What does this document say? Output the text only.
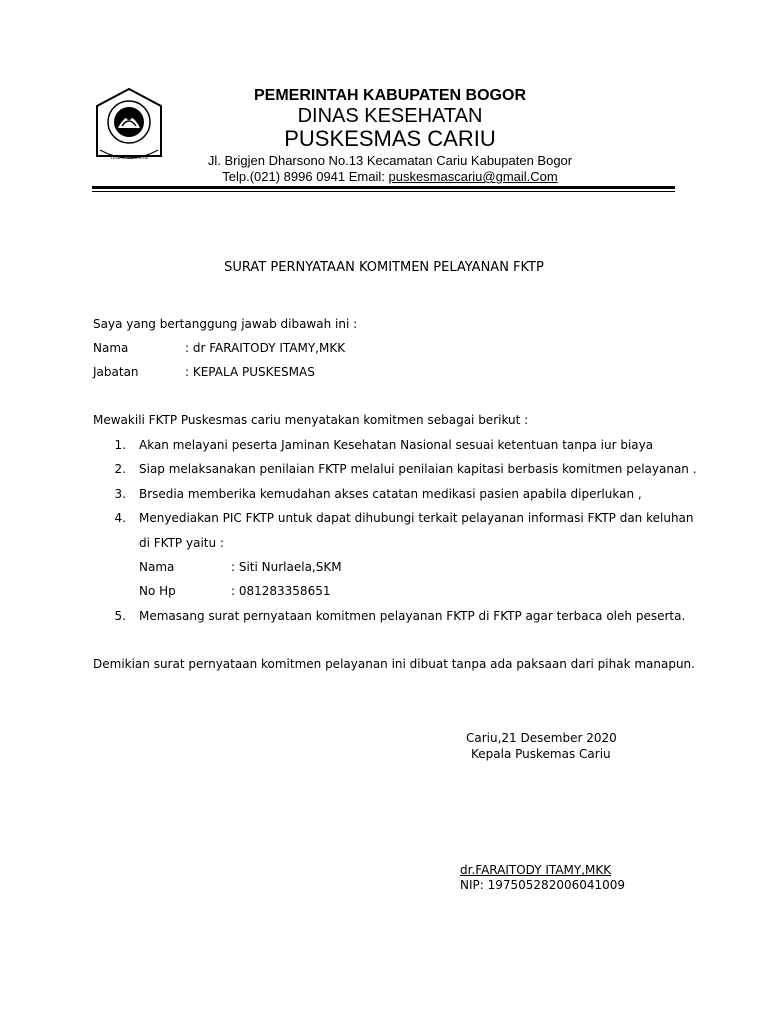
TEGAR BERIMAN
PEMERINTAH KABUPATEN BOGOR
DINAS KESEHATAN
PUSKESMAS CARIU
Jl. Brigjen Dharsono No.13 Kecamatan Cariu Kabupaten Bogor
Telp.(021) 8996 0941 Email: puskesmascariu@gmail.Com
SURAT PERNYATAAN KOMITMEN PELAYANAN FKTP
Saya yang bertanggung jawab dibawah ini :
Nama	: dr FARAITODY ITAMY,MKK
Jabatan	: KEPALA PUSKESMAS
Mewakili FKTP Puskesmas cariu menyatakan komitmen sebagai berikut :
1. Akan melayani peserta Jaminan Kesehatan Nasional sesuai ketentuan tanpa iur biaya
2. Siap melaksanakan penilaian FKTP melalui penilaian kapitasi berbasis komitmen pelayanan .
3. Brsedia memberika kemudahan akses catatan medikasi pasien apabila diperlukan ,
4. Menyediakan PIC FKTP untuk dapat dihubungi terkait pelayanan informasi FKTP dan keluhan
di FKTP yaitu :
Nama	: Siti Nurlaela,SKM
No Hp	: 081283358651
5. Memasang surat pernyataan komitmen pelayanan FKTP di FKTP agar terbaca oleh peserta.
Demikian surat pernyataan komitmen pelayanan ini dibuat tanpa ada paksaan dari pihak manapun.
Cariu,21 Desember 2020
Kepala Puskemas Cariu
dr.FARAITODY ITAMY,MKK
NIP: 197505282006041009
